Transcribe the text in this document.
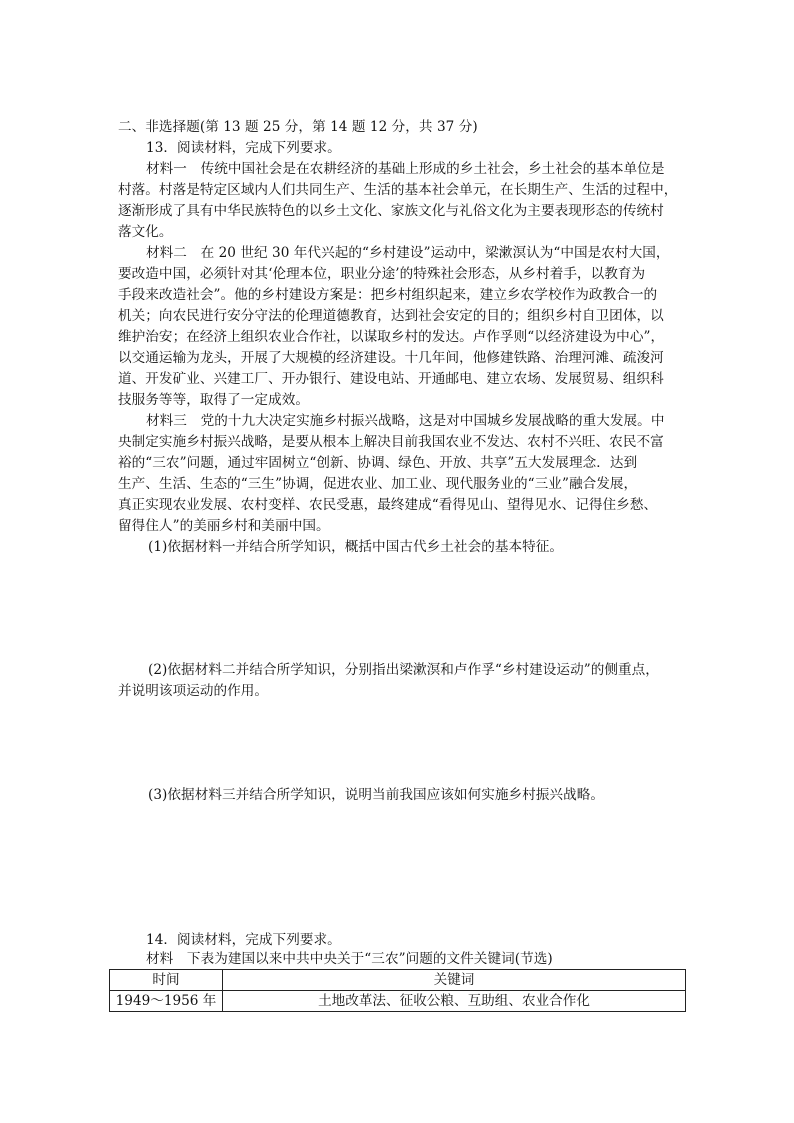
二、非选择题(第 13 题 25 分，第 14 题 12 分，共 37 分)
13．阅读材料，完成下列要求。
材料一　传统中国社会是在农耕经济的基础上形成的乡土社会，乡土社会的基本单位是
村落。村落是特定区域内人们共同生产、生活的基本社会单元，在长期生产、生活的过程中，
逐渐形成了具有中华民族特色的以乡土文化、家族文化与礼俗文化为主要表现形态的传统村
落文化。
材料二　在 20 世纪 30 年代兴起的“乡村建设”运动中，梁漱溟认为“中国是农村大国，
要改造中国，必须针对其‘伦理本位，职业分途’的特殊社会形态，从乡村着手，以教育为
手段来改造社会”。他的乡村建设方案是：把乡村组织起来，建立乡农学校作为政教合一的
机关；向农民进行安分守法的伦理道德教育，达到社会安定的目的；组织乡村自卫团体，以
维护治安；在经济上组织农业合作社，以谋取乡村的发达。卢作孚则“以经济建设为中心”，
以交通运输为龙头，开展了大规模的经济建设。十几年间，他修建铁路、治理河滩、疏浚河
道、开发矿业、兴建工厂、开办银行、建设电站、开通邮电、建立农场、发展贸易、组织科
技服务等等，取得了一定成效。
材料三　党的十九大决定实施乡村振兴战略，这是对中国城乡发展战略的重大发展。中
央制定实施乡村振兴战略，是要从根本上解决目前我国农业不发达、农村不兴旺、农民不富
裕的“三农”问题，通过牢固树立“创新、协调、绿色、开放、共享”五大发展理念．达到
生产、生活、生态的“三生”协调，促进农业、加工业、现代服务业的“三业”融合发展，
真正实现农业发展、农村变样、农民受惠，最终建成“看得见山、望得见水、记得住乡愁、
留得住人”的美丽乡村和美丽中国。
(1)依据材料一并结合所学知识，概括中国古代乡土社会的基本特征。
(2)依据材料二并结合所学知识，分别指出梁漱溟和卢作孚“乡村建设运动”的侧重点，
并说明该项运动的作用。
(3)依据材料三并结合所学知识，说明当前我国应该如何实施乡村振兴战略。
14．阅读材料，完成下列要求。
材料　下表为建国以来中共中央关于“三农”问题的文件关键词(节选)
时间	关键词
1949～1956 年	土地改革法、征收公粮、互助组、农业合作化
